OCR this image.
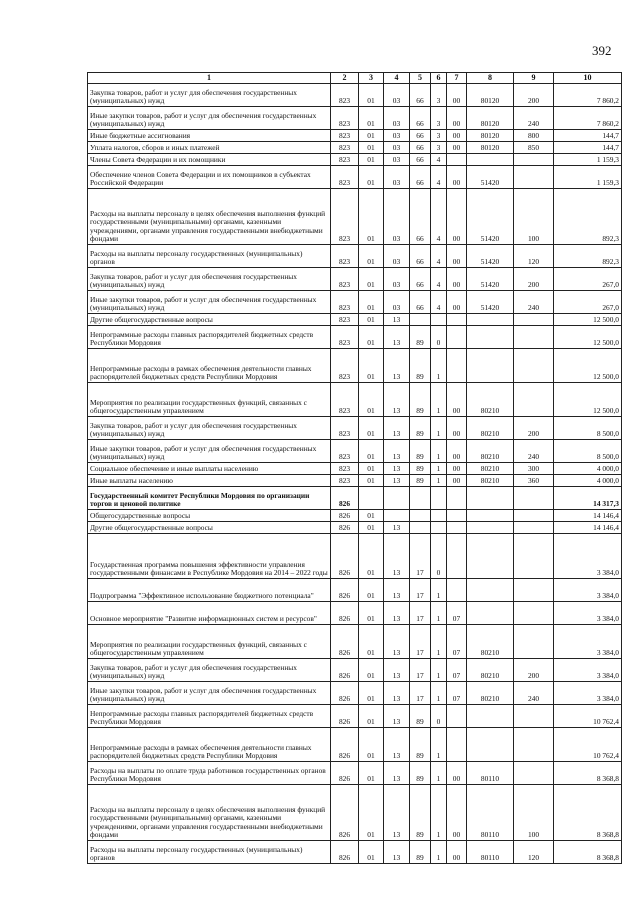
392
1	2	3	4	5	6	7	8	9	10
Закупка товаров, работ и услуг для обеспечения государственных (муниципальных) нужд	823	01	03	66	3	00	80120	200	7 860,2
Иные закупки товаров, работ и услуг для обеспечения государственных (муниципальных) нужд	823	01	03	66	3	00	80120	240	7 860,2
Иные бюджетные ассигнования	823	01	03	66	3	00	80120	800	144,7
Уплата налогов, сборов и иных платежей	823	01	03	66	3	00	80120	850	144,7
Члены Совета Федерации и их помощники	823	01	03	66	4				1 159,3
Обеспечение членов Совета Федерации и их помощников в субъектах Российской Федерации	823	01	03	66	4	00	51420		1 159,3
Расходы на выплаты персоналу в целях обеспечения выполнения функций государственными (муниципальными) органами, казенными учреждениями, органами управления государственными внебюджетными фондами	823	01	03	66	4	00	51420	100	892,3
Расходы на выплаты персоналу государственных (муниципальных) органов	823	01	03	66	4	00	51420	120	892,3
Закупка товаров, работ и услуг для обеспечения государственных (муниципальных) нужд	823	01	03	66	4	00	51420	200	267,0
Иные закупки товаров, работ и услуг для обеспечения государственных (муниципальных) нужд	823	01	03	66	4	00	51420	240	267,0
Другие общегосударственные вопросы	823	01	13						12 500,0
Непрограммные расходы главных распорядителей бюджетных средств Республики Мордовия	823	01	13	89	0				12 500,0
Непрограммные расходы в рамках обеспечения деятельности главных распорядителей бюджетных средств Республики Мордовия	823	01	13	89	1				12 500,0
Мероприятия по реализации государственных функций, связанных с общегосударственным управлением	823	01	13	89	1	00	80210		12 500,0
Закупка товаров, работ и услуг для обеспечения государственных (муниципальных) нужд	823	01	13	89	1	00	80210	200	8 500,0
Иные закупки товаров, работ и услуг для обеспечения государственных (муниципальных) нужд	823	01	13	89	1	00	80210	240	8 500,0
Социальное обеспечение и иные выплаты населению	823	01	13	89	1	00	80210	300	4 000,0
Иные выплаты населению	823	01	13	89	1	00	80210	360	4 000,0
Государственный комитет Республики Мордовия по организации торгов и ценовой политике	826								14 317,3
Общегосударственные вопросы	826	01							14 146,4
Другие общегосударственные вопросы	826	01	13						14 146,4
Государственная программа повышения эффективности управления государственными финансами в Республике Мордовия на 2014 – 2022 годы	826	01	13	17	0				3 384,0
Подпрограмма "Эффективное использование бюджетного потенциала"	826	01	13	17	1				3 384,0
Основное мероприятие "Развитие информационных систем и ресурсов"	826	01	13	17	1	07			3 384,0
Мероприятия по реализации государственных функций, связанных с общегосударственным управлением	826	01	13	17	1	07	80210		3 384,0
Закупка товаров, работ и услуг для обеспечения государственных (муниципальных) нужд	826	01	13	17	1	07	80210	200	3 384,0
Иные закупки товаров, работ и услуг для обеспечения государственных (муниципальных) нужд	826	01	13	17	1	07	80210	240	3 384,0
Непрограммные расходы главных распорядителей бюджетных средств Республики Мордовия	826	01	13	89	0				10 762,4
Непрограммные расходы в рамках обеспечения деятельности главных распорядителей бюджетных средств Республики Мордовия	826	01	13	89	1				10 762,4
Расходы на выплаты по оплате труда работников государственных органов Республики Мордовия	826	01	13	89	1	00	80110		8 368,8
Расходы на выплаты персоналу в целях обеспечения выполнения функций государственными (муниципальными) органами, казенными учреждениями, органами управления государственными внебюджетными фондами	826	01	13	89	1	00	80110	100	8 368,8
Расходы на выплаты персоналу государственных (муниципальных) органов	826	01	13	89	1	00	80110	120	8 368,8
